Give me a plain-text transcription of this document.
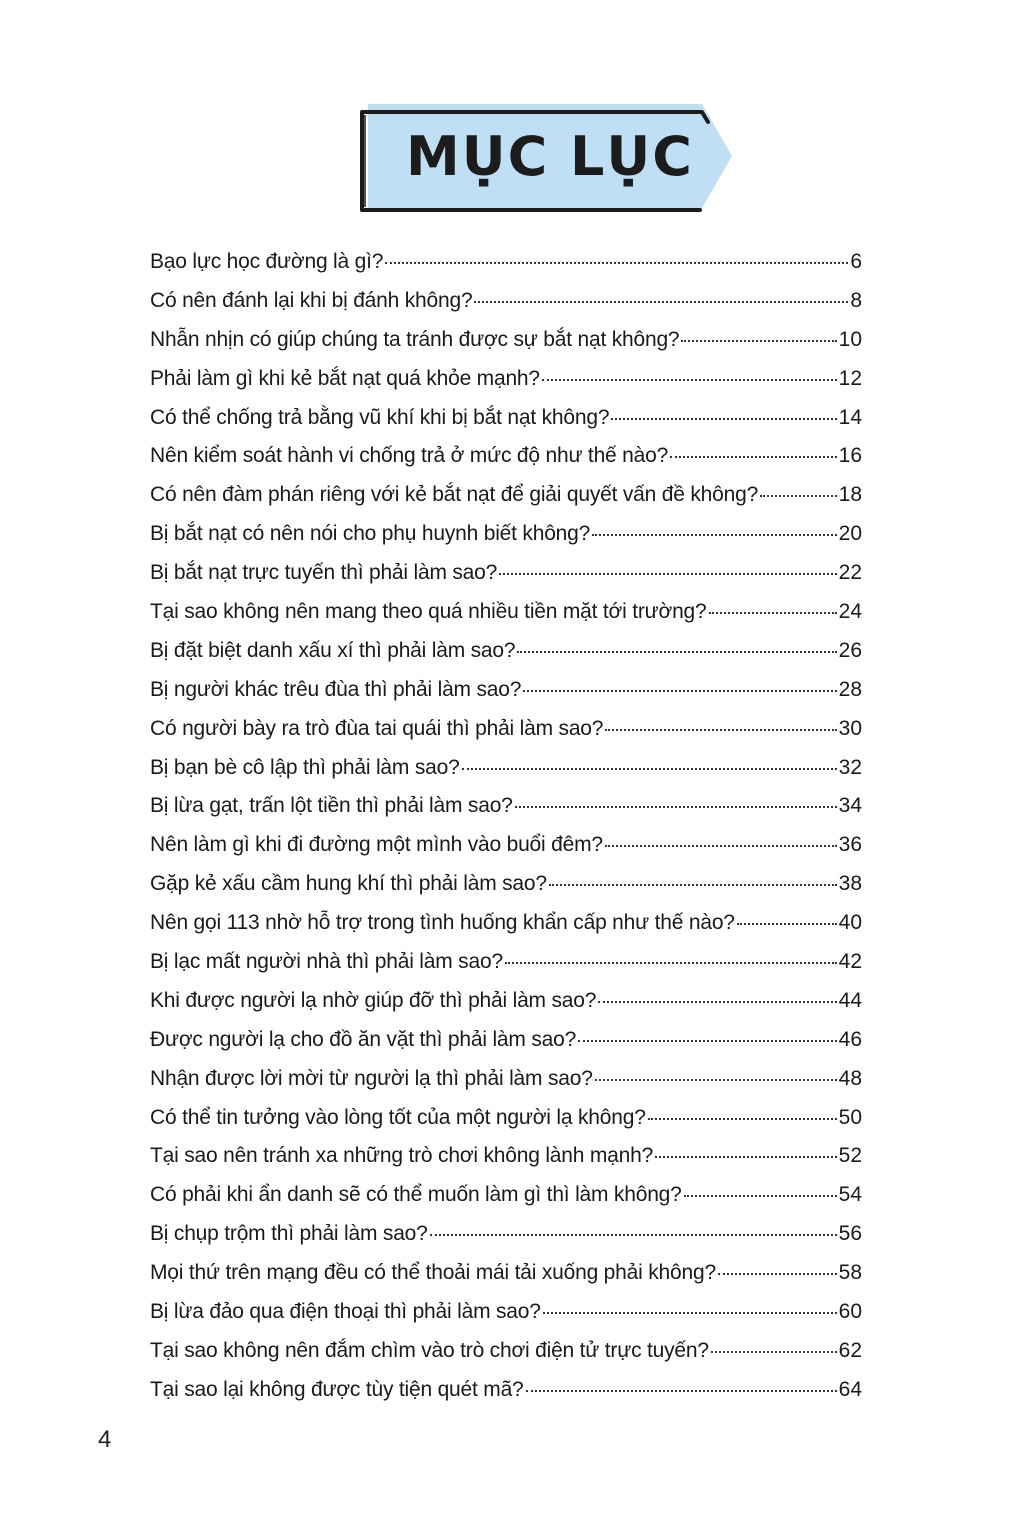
MỤC LỤC
Bạo lực học đường là gì?	6
Có nên đánh lại khi bị đánh không?	8
Nhẫn nhịn có giúp chúng ta tránh được sự bắt nạt không?	10
Phải làm gì khi kẻ bắt nạt quá khỏe mạnh?	12
Có thể chống trả bằng vũ khí khi bị bắt nạt không?	14
Nên kiểm soát hành vi chống trả ở mức độ như thế nào?	16
Có nên đàm phán riêng với kẻ bắt nạt để giải quyết vấn đề không?	18
Bị bắt nạt có nên nói cho phụ huynh biết không?	20
Bị bắt nạt trực tuyến thì phải làm sao?	22
Tại sao không nên mang theo quá nhiều tiền mặt tới trường?	24
Bị đặt biệt danh xấu xí thì phải làm sao?	26
Bị người khác trêu đùa thì phải làm sao?	28
Có người bày ra trò đùa tai quái thì phải làm sao?	30
Bị bạn bè cô lập thì phải làm sao?	32
Bị lừa gạt, trấn lột tiền thì phải làm sao?	34
Nên làm gì khi đi đường một mình vào buổi đêm?	36
Gặp kẻ xấu cầm hung khí thì phải làm sao?	38
Nên gọi 113 nhờ hỗ trợ trong tình huống khẩn cấp như thế nào?	40
Bị lạc mất người nhà thì phải làm sao?	42
Khi được người lạ nhờ giúp đỡ thì phải làm sao?	44
Được người lạ cho đồ ăn vặt thì phải làm sao?	46
Nhận được lời mời từ người lạ thì phải làm sao?	48
Có thể tin tưởng vào lòng tốt của một người lạ không?	50
Tại sao nên tránh xa những trò chơi không lành mạnh?	52
Có phải khi ẩn danh sẽ có thể muốn làm gì thì làm không?	54
Bị chụp trộm thì phải làm sao?	56
Mọi thứ trên mạng đều có thể thoải mái tải xuống phải không?	58
Bị lừa đảo qua điện thoại thì phải làm sao?	60
Tại sao không nên đắm chìm vào trò chơi điện tử trực tuyến?	62
Tại sao lại không được tùy tiện quét mã?	64
4
